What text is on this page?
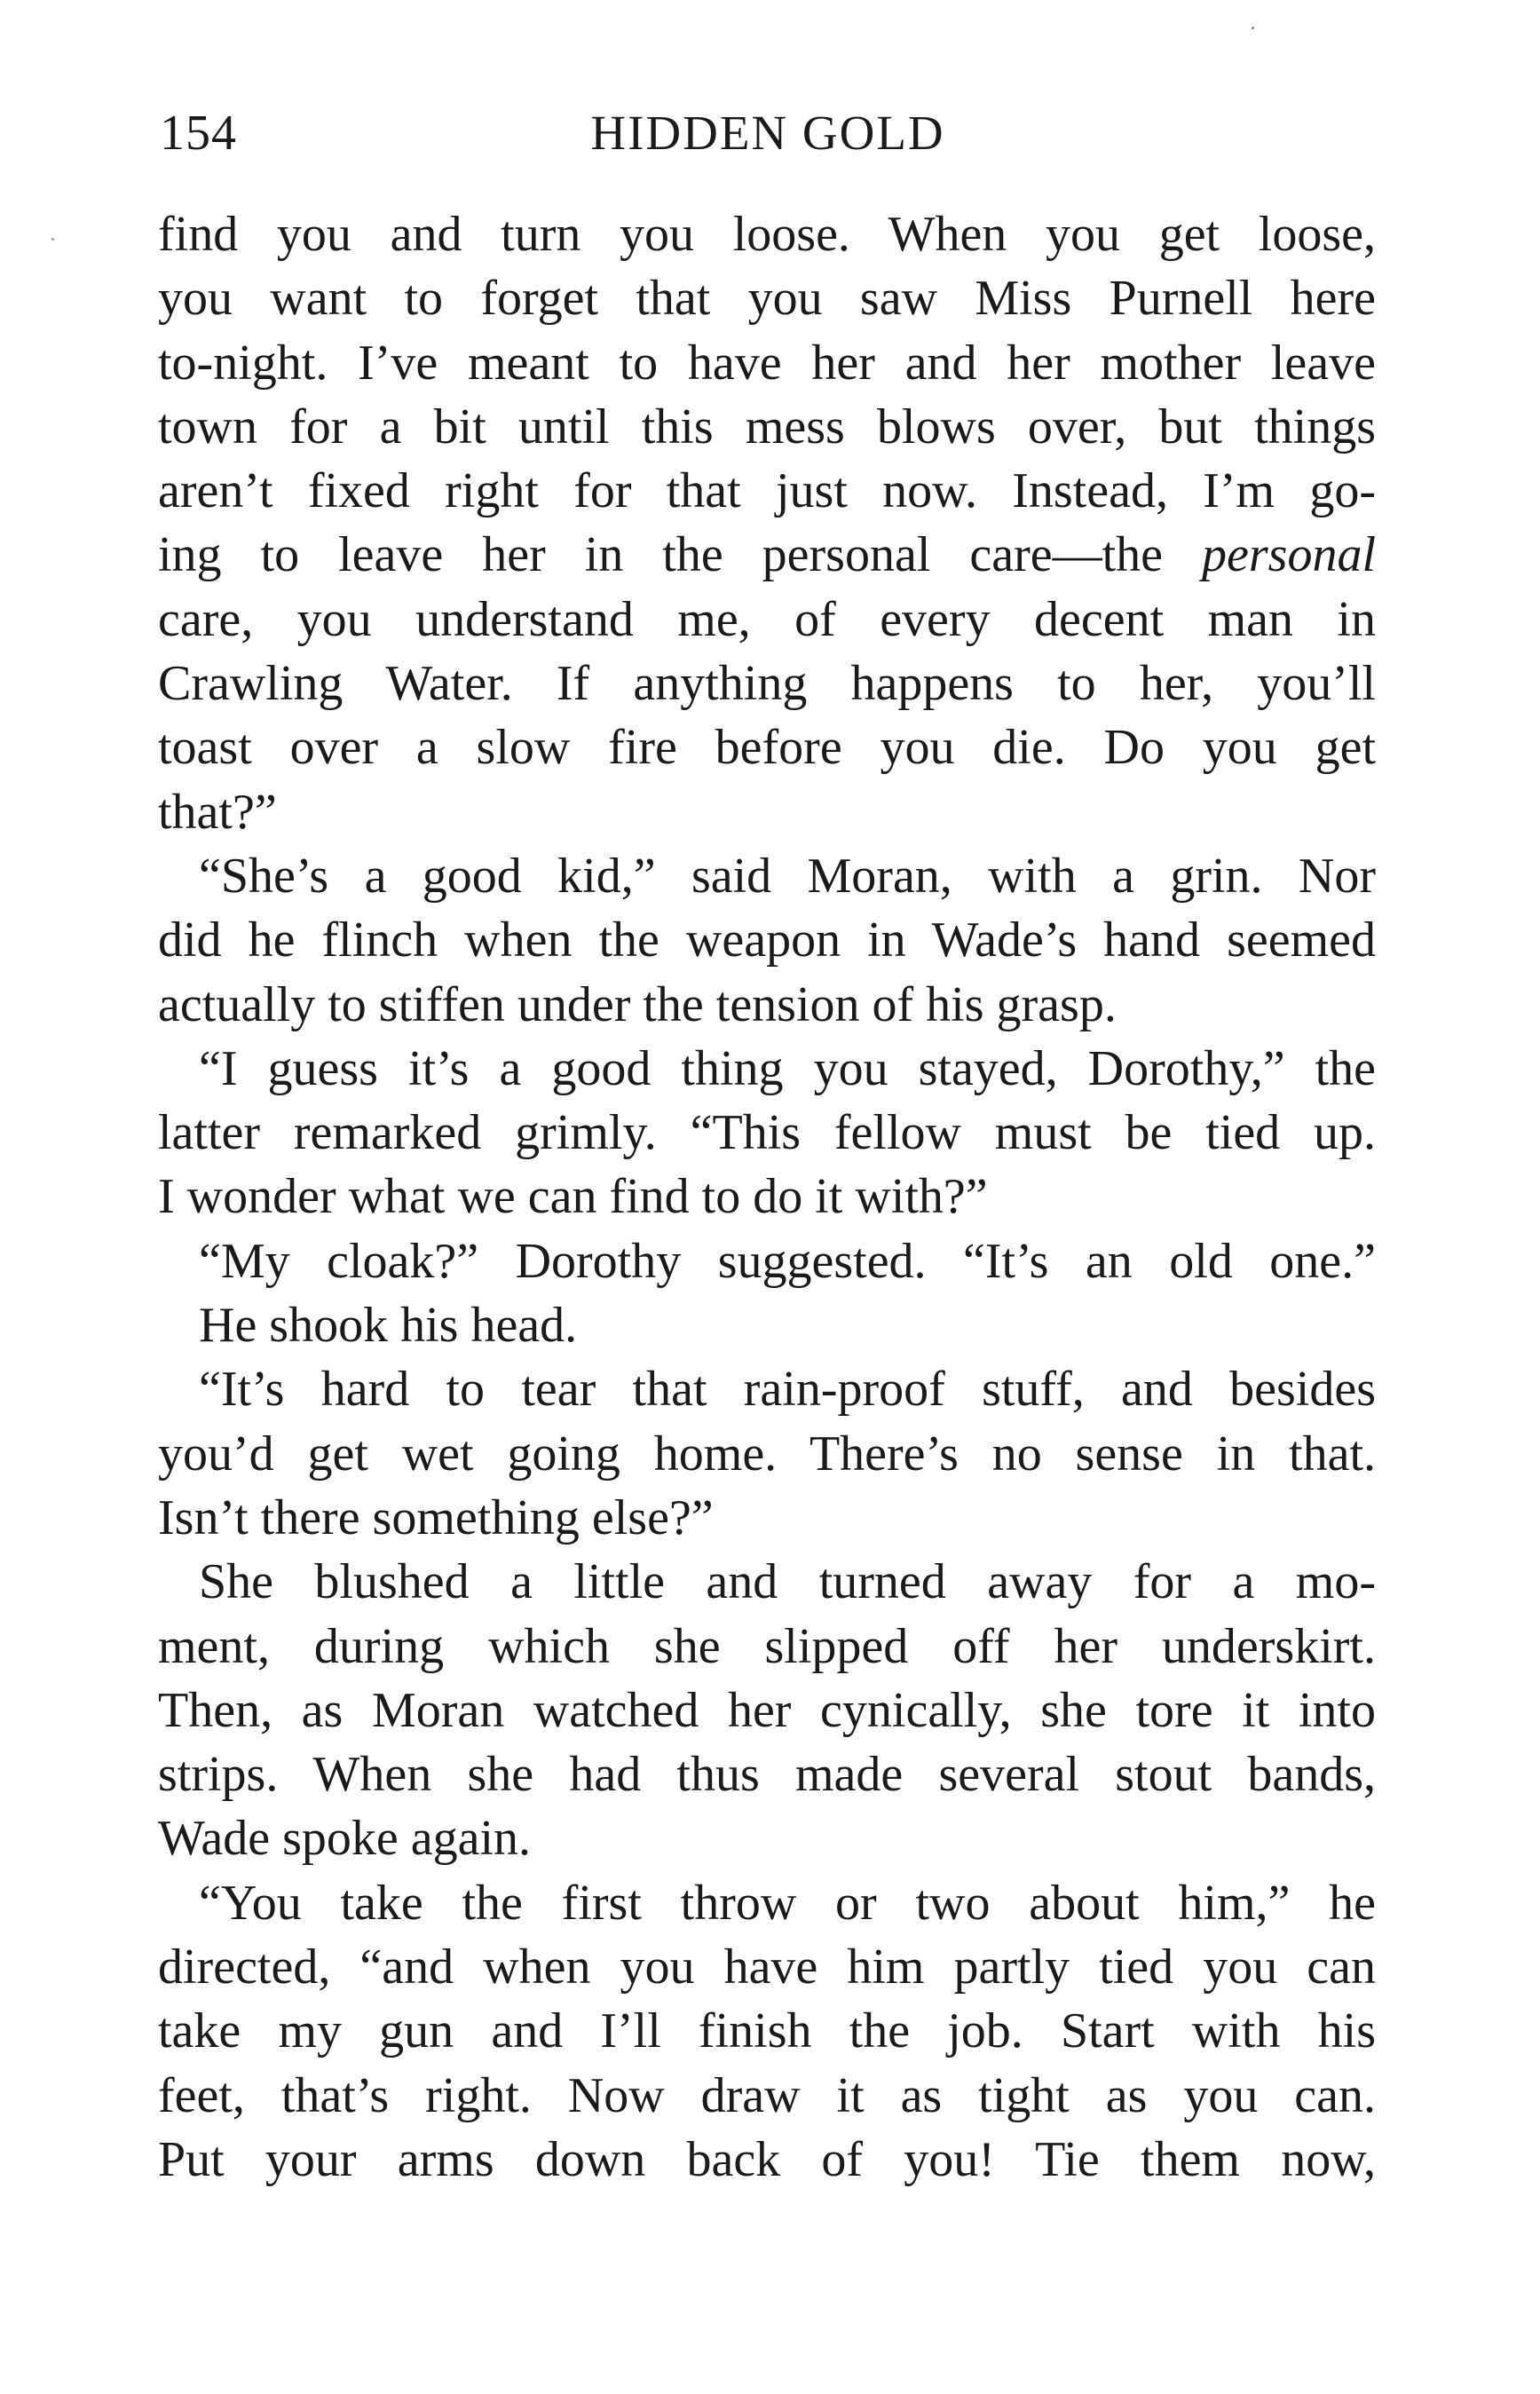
154	HIDDEN GOLD
find you and turn you loose. When you get loose,
you want to forget that you saw Miss Purnell here
to-night. I’ve meant to have her and her mother leave
town for a bit until this mess blows over, but things
aren’t fixed right for that just now. Instead, I’m go-
ing to leave her in the personal care—the personal
care, you understand me, of every decent man in
Crawling Water. If anything happens to her, you’ll
toast over a slow fire before you die. Do you get
that?”
“She’s a good kid,” said Moran, with a grin. Nor
did he flinch when the weapon in Wade’s hand seemed
actually to stiffen under the tension of his grasp.
“I guess it’s a good thing you stayed, Dorothy,” the
latter remarked grimly. “This fellow must be tied up.
I wonder what we can find to do it with?”
“My cloak?” Dorothy suggested. “It’s an old one.”
He shook his head.
“It’s hard to tear that rain-proof stuff, and besides
you’d get wet going home. There’s no sense in that.
Isn’t there something else?”
She blushed a little and turned away for a mo-
ment, during which she slipped off her underskirt.
Then, as Moran watched her cynically, she tore it into
strips. When she had thus made several stout bands,
Wade spoke again.
“You take the first throw or two about him,” he
directed, “and when you have him partly tied you can
take my gun and I’ll finish the job. Start with his
feet, that’s right. Now draw it as tight as you can.
Put your arms down back of you! Tie them now,
